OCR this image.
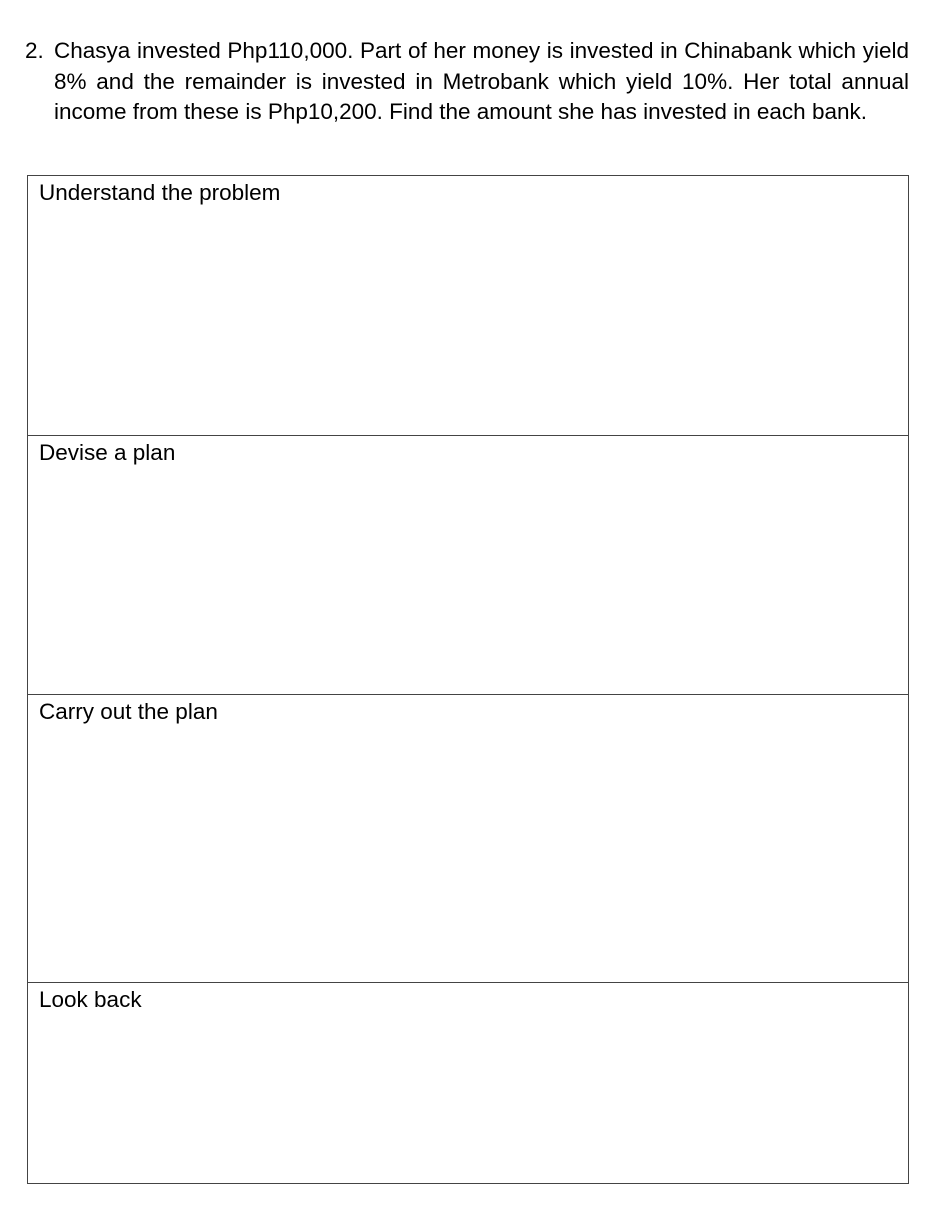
2. Chasya invested Php110,000. Part of her money is invested in Chinabank which yield 8% and the remainder is invested in Metrobank which yield 10%. Her total annual income from these is Php10,200. Find the amount she has invested in each bank.
Understand the problem
Devise a plan
Carry out the plan
Look back
